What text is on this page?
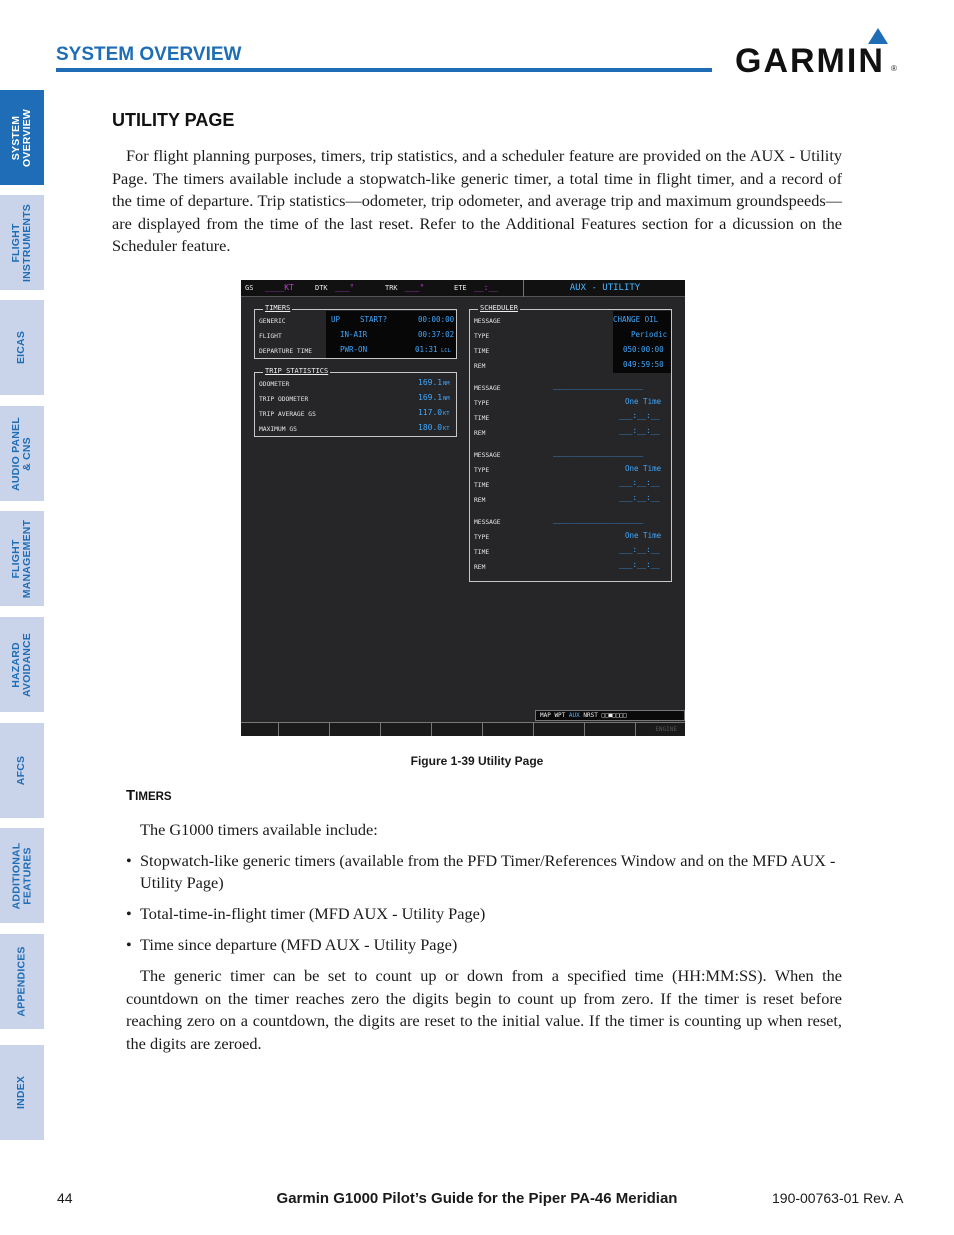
SYSTEM OVERVIEW	GARMIN ®
SYSTEM
OVERVIEW
FLIGHT
INSTRUMENTS
EICAS
AUDIO PANEL
& CNS
FLIGHT
MANAGEMENT
HAZARD
AVOIDANCE
AFCS
ADDITIONAL
FEATURES
APPENDICES
INDEX
UTILITY PAGE

For flight planning purposes, timers, trip statistics, and a scheduler feature are provided on the AUX - Utility Page. The timers available include a stopwatch-like generic timer, a total time in flight timer, and a record of the time of departure. Trip statistics—odometer, trip odometer, and average trip and maximum groundspeeds—are displayed from the time of the last reset. Refer to the Additional Features section for a dicussion on the Scheduler feature.

GS ____KT	DTK ___°	TRK ___°	ETE __:__	AUX - UTILITY
TIMERS
GENERIC	UP	START?	00:00:00
FLIGHT	IN-AIR	00:37:02
DEPARTURE TIME	PWR-ON	01:31 LCL
TRIP STATISTICS
ODOMETER	169.1 NM
TRIP ODOMETER	169.1 NM
TRIP AVERAGE GS	117.0 KT
MAXIMUM GS	180.0 KT
SCHEDULER
MESSAGE	CHANGE OIL
TYPE	Periodic
TIME	050:00:00
REM	049:59:50
MESSAGE	____________________
TYPE	One Time
TIME	___:__:__
REM	___:__:__
MESSAGE	____________________
TYPE	One Time
TIME	___:__:__
REM	___:__:__
MESSAGE	____________________
TYPE	One Time
TIME	___:__:__
REM	___:__:__
MAP WPT AUX NRST □□■□□□□
ENGINE
Figure 1-39 Utility Page
TIMERS

The G1000 timers available include:

• Stopwatch-like generic timers (available from the PFD Timer/References Window and on the MFD AUX - Utility Page)
• Total-time-in-flight timer (MFD AUX - Utility Page)
• Time since departure (MFD AUX - Utility Page)

The generic timer can be set to count up or down from a specified time (HH:MM:SS). When the countdown on the timer reaches zero the digits begin to count up from zero. If the timer is reset before reaching zero on a countdown, the digits are reset to the initial value. If the timer is counting up when reset, the digits are zeroed.

44	Garmin G1000 Pilot’s Guide for the Piper PA-46 Meridian	190-00763-01 Rev. A
